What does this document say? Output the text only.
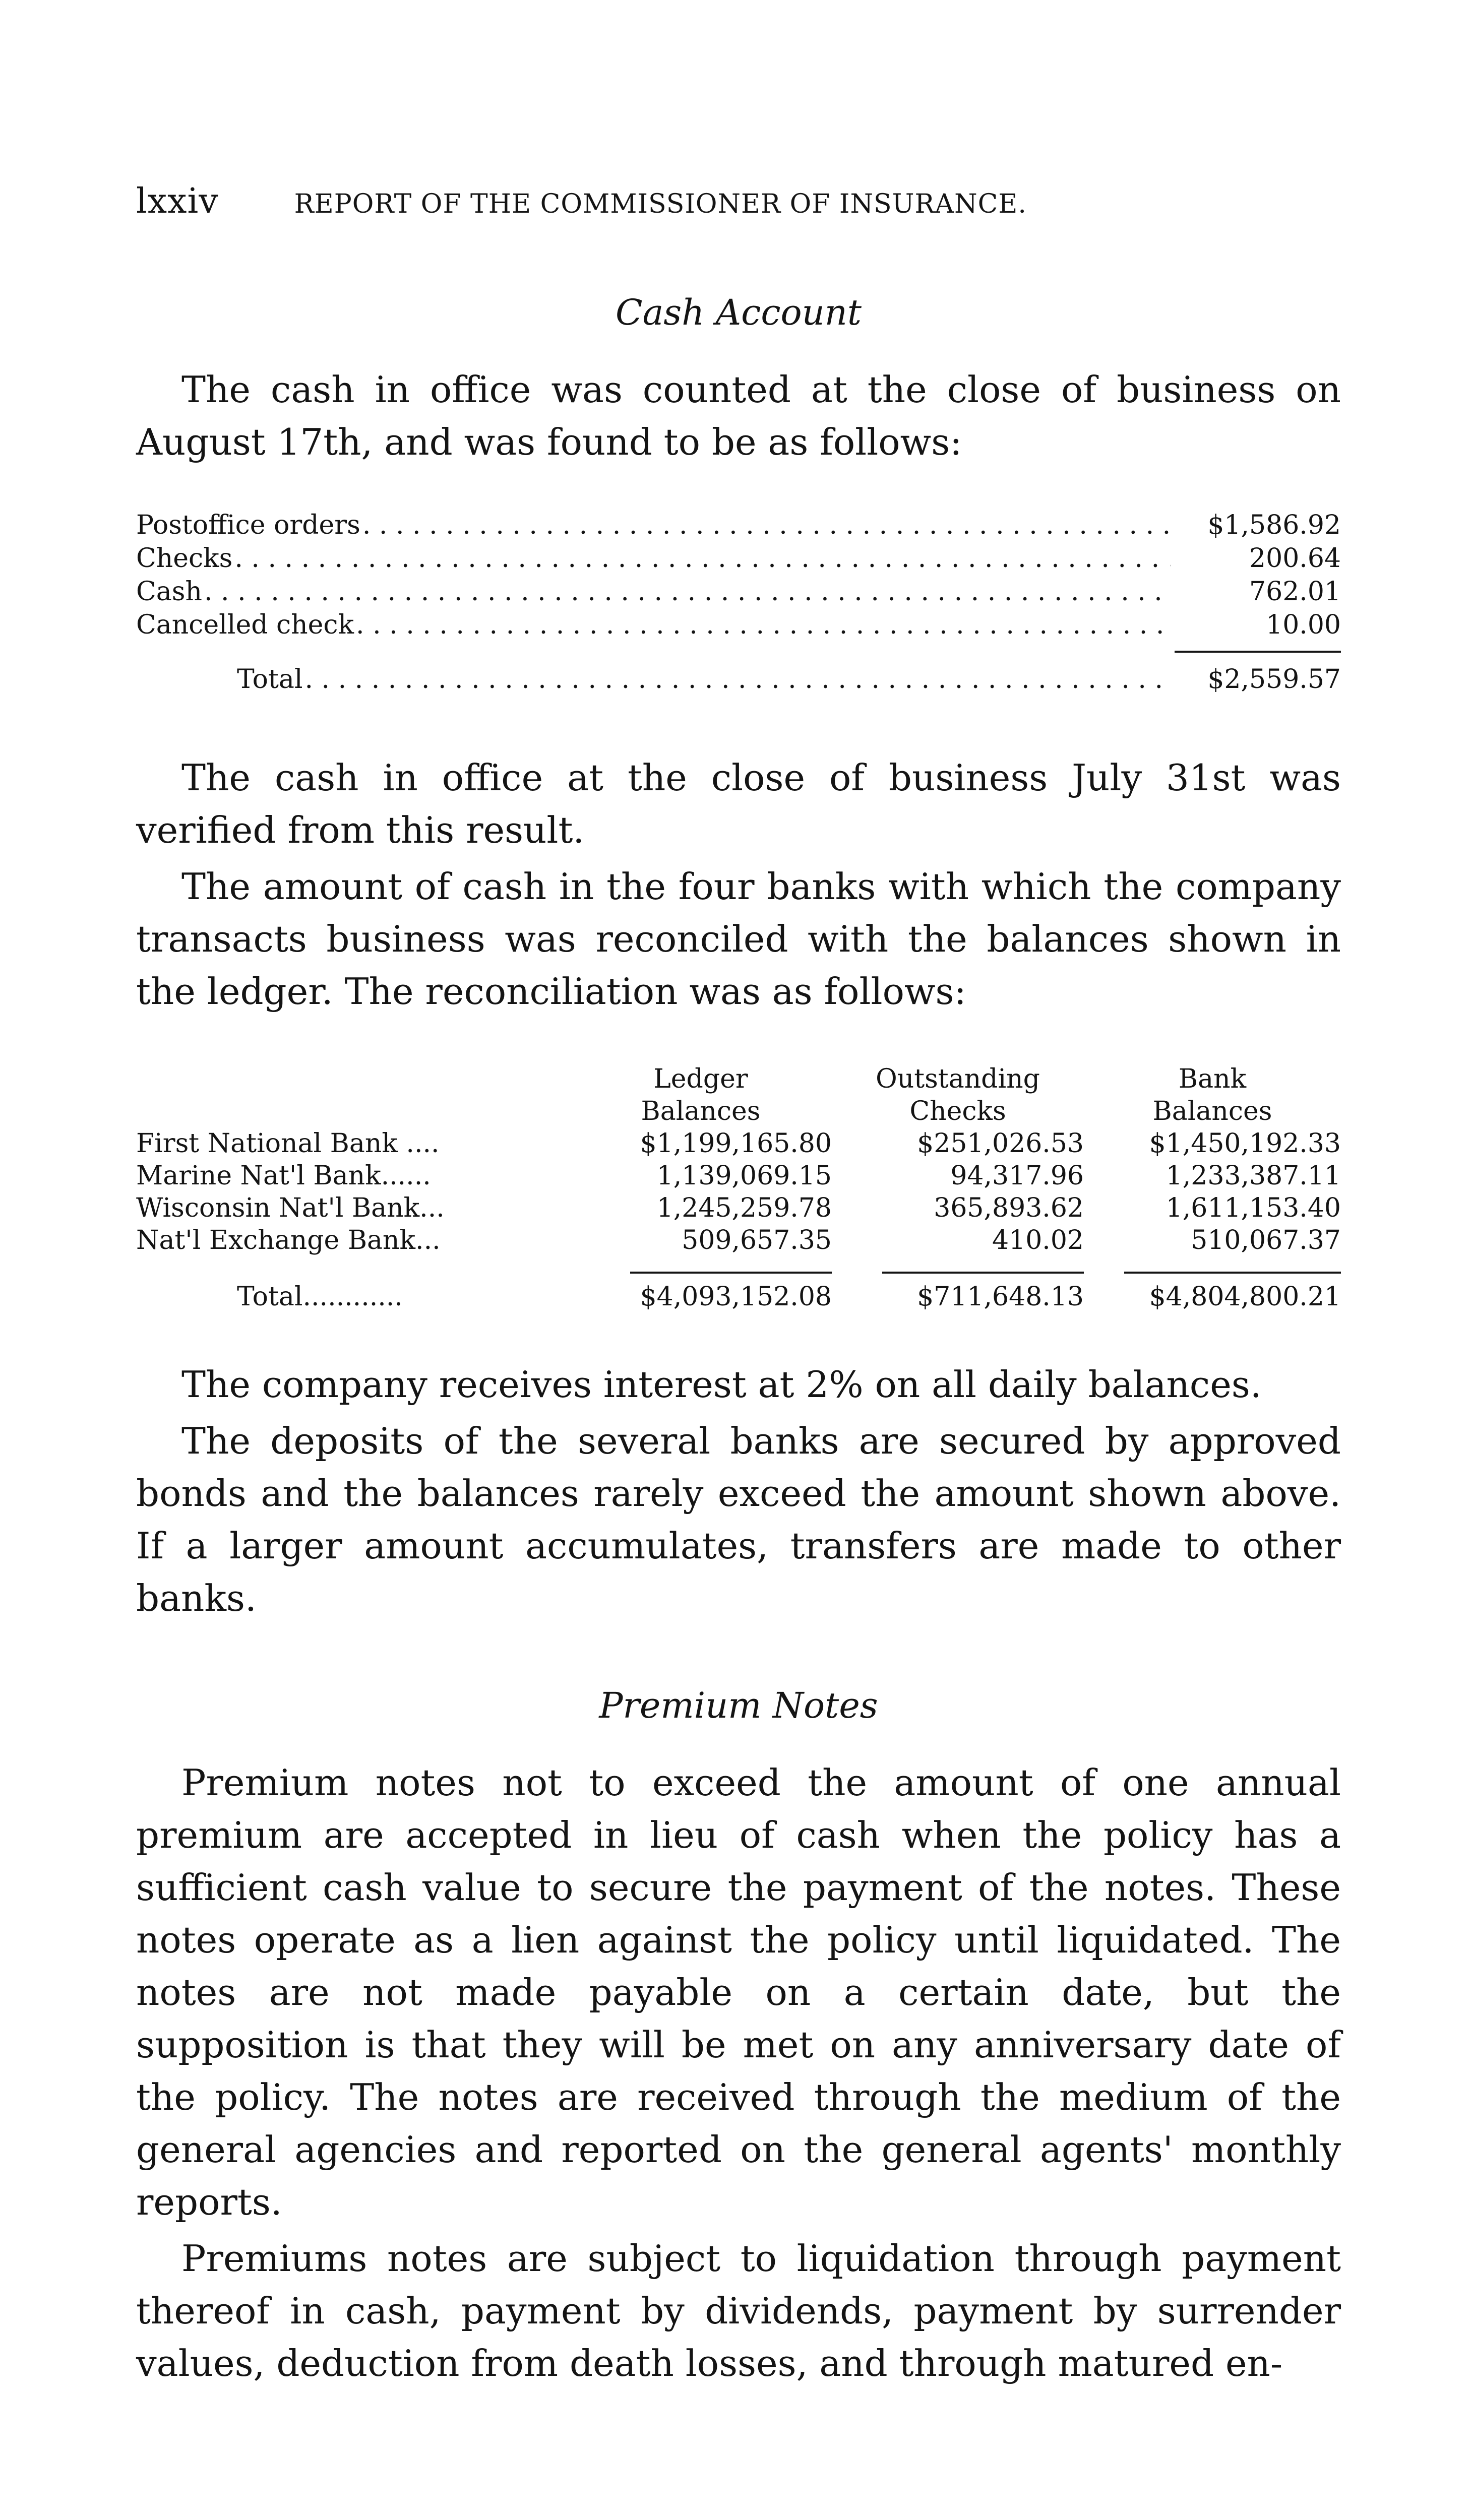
lxxiv	REPORT OF THE COMMISSIONER OF INSURANCE.
Cash Account

The cash in office was counted at the close of business on August 17th, and was found to be as follows:

Postoffice orders . . .	$1,586.92
Checks . . .	200.64
Cash . . .	762.01
Cancelled check . . .	10.00
Total . . .	$2,559.57

The cash in office at the close of business July 31st was verified from this result.

The amount of cash in the four banks with which the company transacts business was reconciled with the balances shown in the ledger. The reconciliation was as follows:

Ledger	Outstanding	Bank
Balances	Checks	Balances
First National Bank ....	$1,199,165.80	$251,026.53	$1,450,192.33
Marine Nat'l Bank......	1,139,069.15	94,317.96	1,233,387.11
Wisconsin Nat'l Bank...	1,245,259.78	365,893.62	1,611,153.40
Nat'l Exchange Bank...	509,657.35	410.02	510,067.37
Total............	$4,093,152.08	$711,648.13	$4,804,800.21

The company receives interest at 2% on all daily balances.

The deposits of the several banks are secured by approved bonds and the balances rarely exceed the amount shown above. If a larger amount accumulates, transfers are made to other banks.

Premium Notes

Premium notes not to exceed the amount of one annual premium are accepted in lieu of cash when the policy has a sufficient cash value to secure the payment of the notes. These notes operate as a lien against the policy until liquidated. The notes are not made payable on a certain date, but the supposition is that they will be met on any anniversary date of the policy. The notes are received through the medium of the general agencies and reported on the general agents' monthly reports.

Premiums notes are subject to liquidation through payment thereof in cash, payment by dividends, payment by surrender values, deduction from death losses, and through matured en-
